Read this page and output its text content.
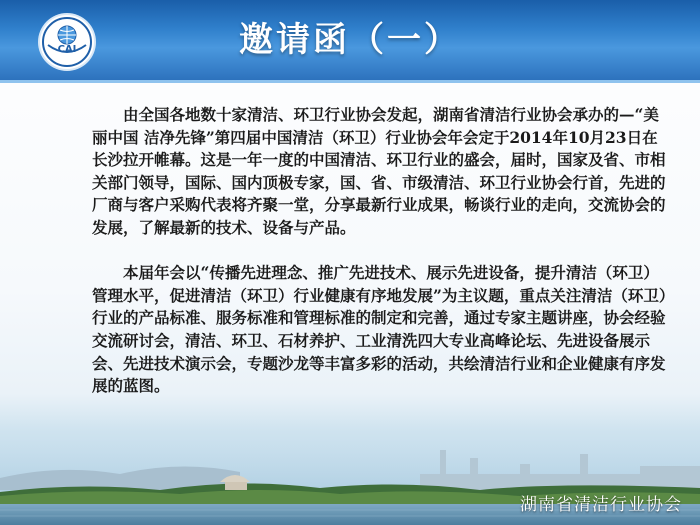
CAI	邀请函（一）

由全国各地数十家清洁、环卫行业协会发起，湖南省清洁行业协会承办的—“美丽中国 洁净先锋”第四届中国清洁（环卫）行业协会年会定于2014年10月23日在长沙拉开帷幕。这是一年一度的中国清洁、环卫行业的盛会，届时，国家及省、市相关部门领导，国际、国内顶极专家，国、省、市级清洁、环卫行业协会行首，先进的厂商与客户采购代表将齐聚一堂，分享最新行业成果，畅谈行业的走向，交流协会的发展，了解最新的技术、设备与产品。

本届年会以“传播先进理念、推广先进技术、展示先进设备，提升清洁（环卫）管理水平，促进清洁（环卫）行业健康有序地发展”为主议题，重点关注清洁（环卫）行业的产品标准、服务标准和管理标准的制定和完善，通过专家主题讲座，协会经验交流研讨会，清洁、环卫、石材养护、工业清洗四大专业高峰论坛、先进设备展示会、先进技术演示会，专题沙龙等丰富多彩的活动，共绘清洁行业和企业健康有序发展的蓝图。

湖南省清洁行业协会
